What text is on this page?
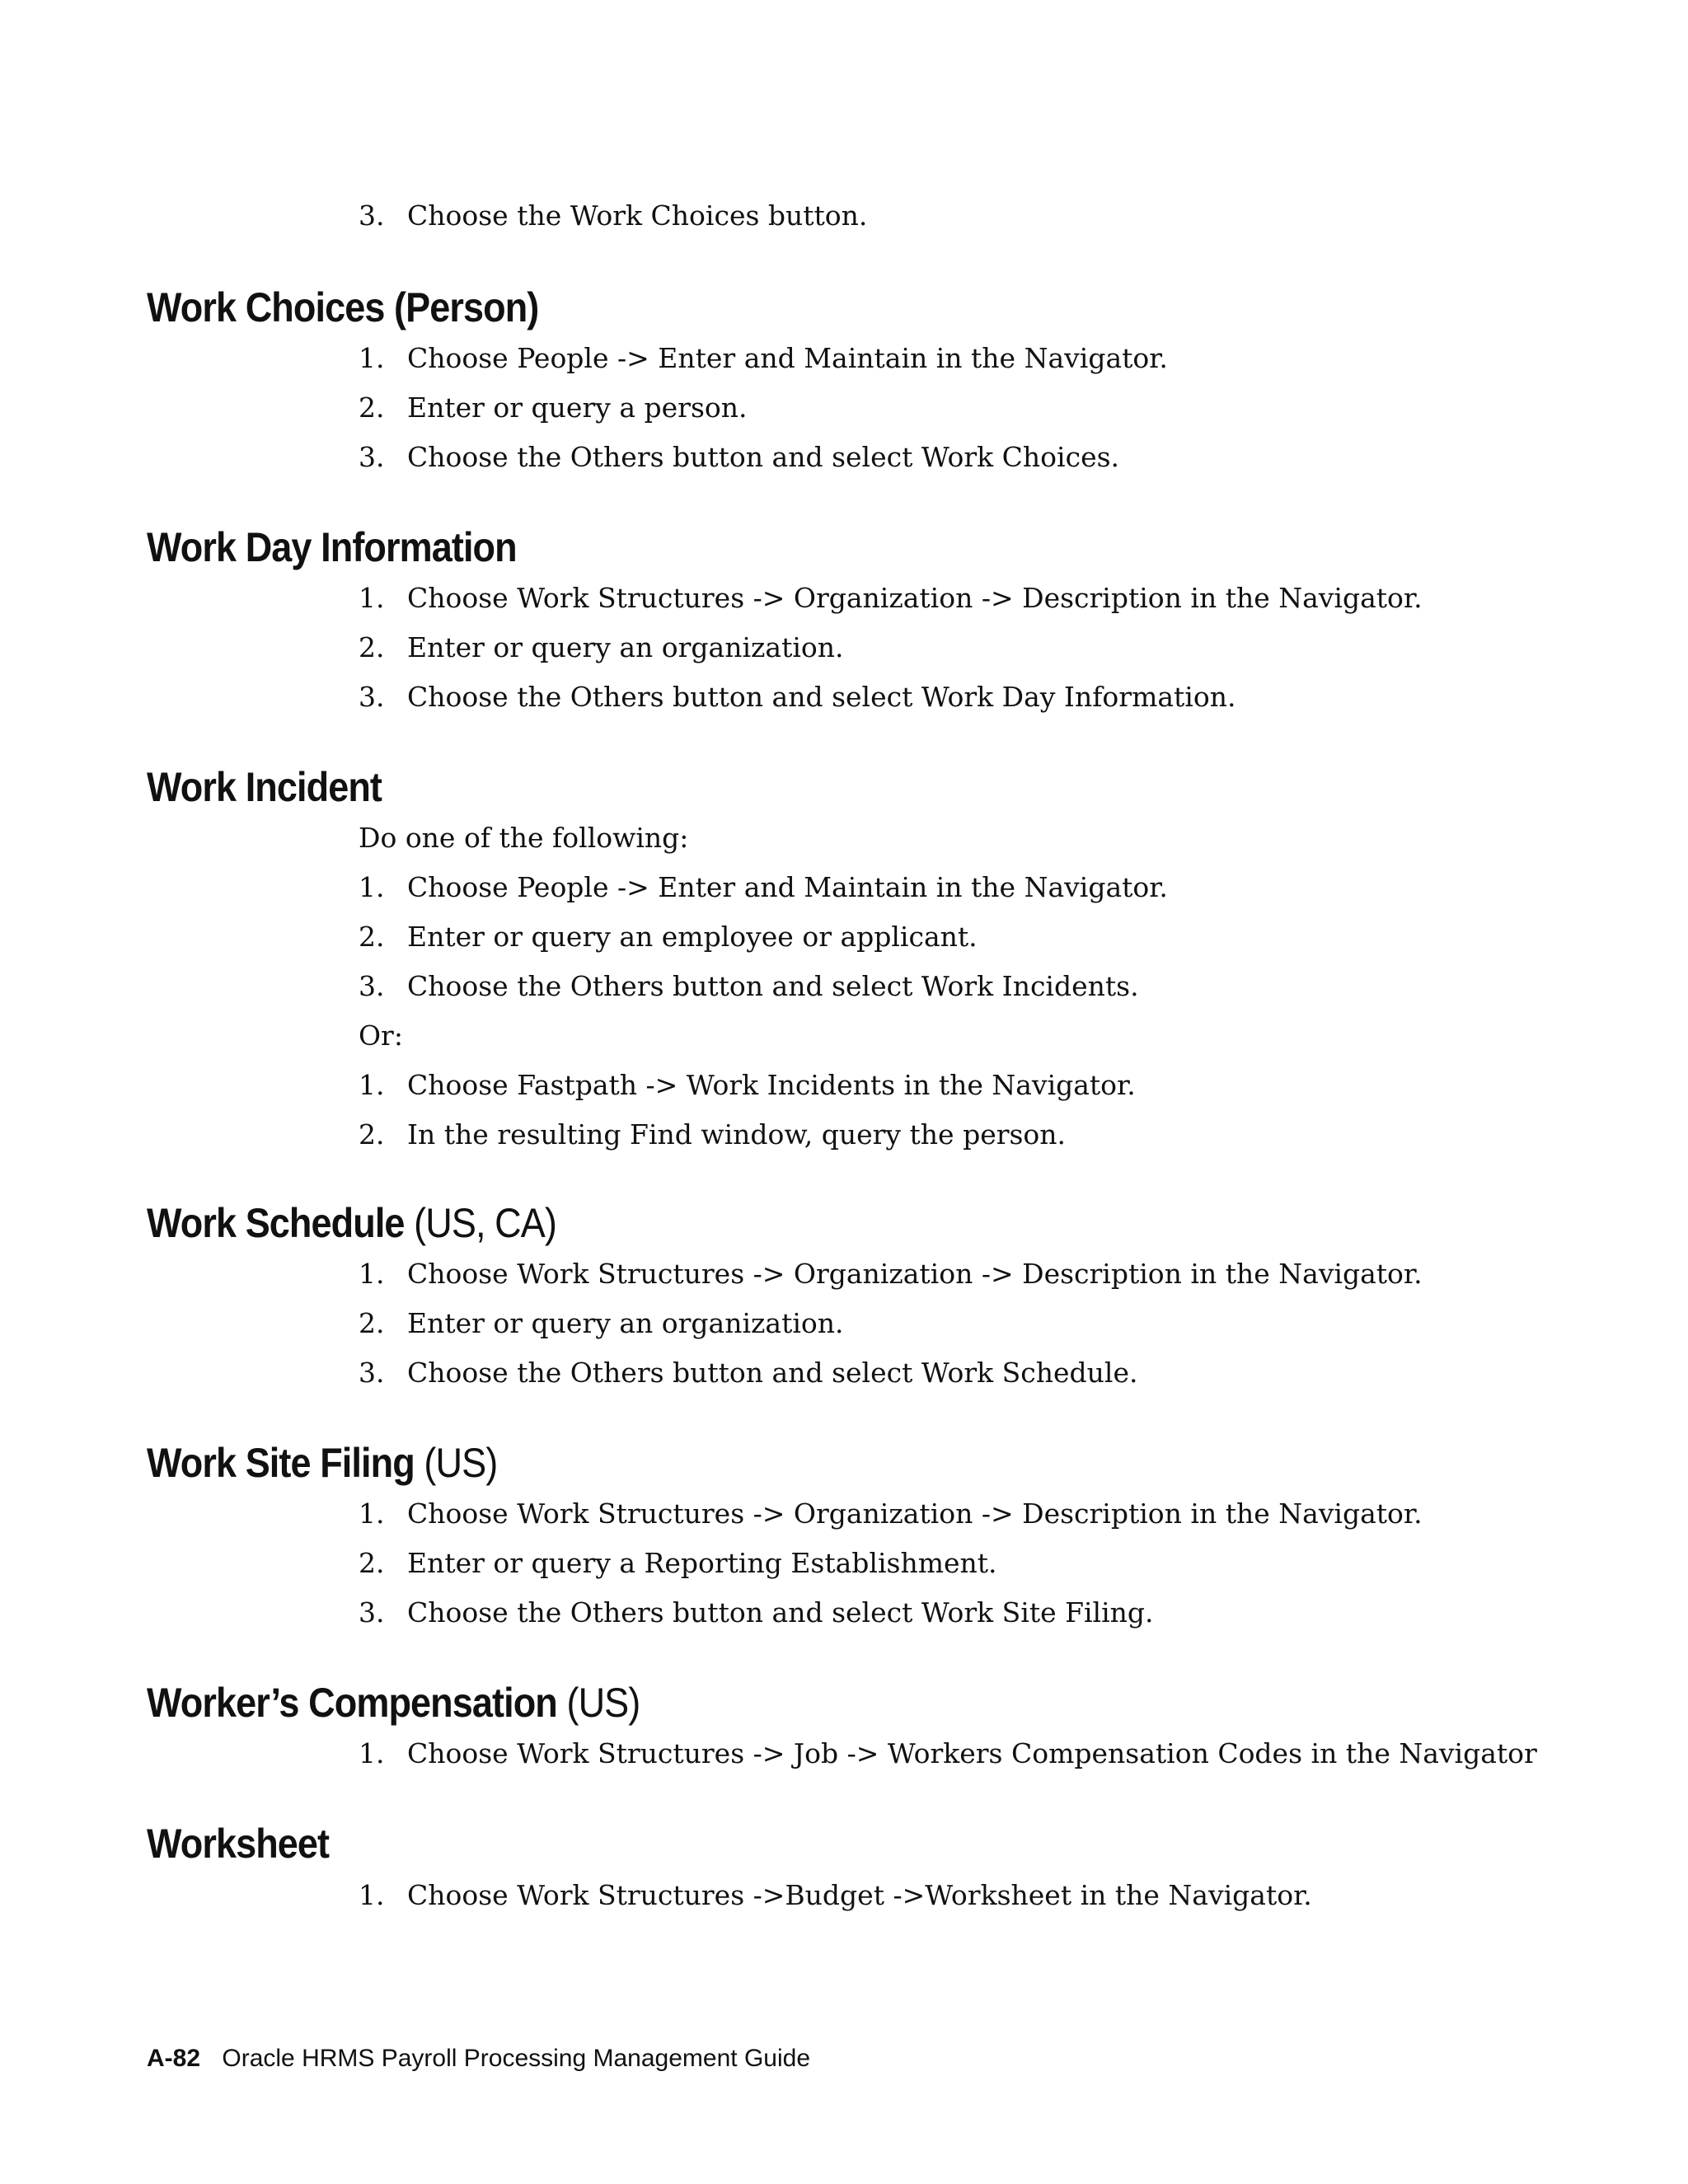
3. Choose the Work Choices button.
Work Choices (Person)
1. Choose People -> Enter and Maintain in the Navigator.
2. Enter or query a person.
3. Choose the Others button and select Work Choices.
Work Day Information
1. Choose Work Structures -> Organization -> Description in the Navigator.
2. Enter or query an organization.
3. Choose the Others button and select Work Day Information.
Work Incident
Do one of the following:
1. Choose People -> Enter and Maintain in the Navigator.
2. Enter or query an employee or applicant.
3. Choose the Others button and select Work Incidents.
Or:
1. Choose Fastpath -> Work Incidents in the Navigator.
2. In the resulting Find window, query the person.
Work Schedule (US, CA)
1. Choose Work Structures -> Organization -> Description in the Navigator.
2. Enter or query an organization.
3. Choose the Others button and select Work Schedule.
Work Site Filing (US)
1. Choose Work Structures -> Organization -> Description in the Navigator.
2. Enter or query a Reporting Establishment.
3. Choose the Others button and select Work Site Filing.
Worker’s Compensation (US)
1. Choose Work Structures -> Job -> Workers Compensation Codes in the Navigator
Worksheet
1. Choose Work Structures ->Budget ->Worksheet in the Navigator.
A-82 Oracle HRMS Payroll Processing Management Guide
